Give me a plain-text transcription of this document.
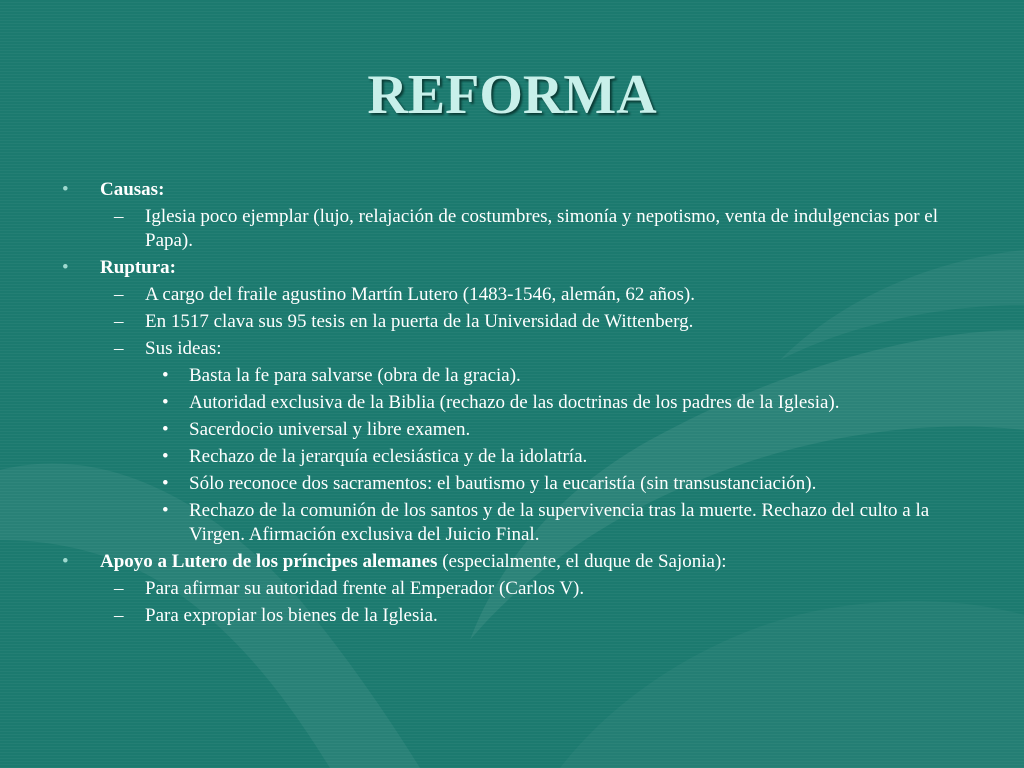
REFORMA
• Causas:
– Iglesia poco ejemplar (lujo, relajación de costumbres, simonía y nepotismo, venta de indulgencias por el Papa).
• Ruptura:
– A cargo del fraile agustino Martín Lutero (1483-1546, alemán, 62 años).
– En 1517 clava sus 95 tesis en la puerta de la Universidad de Wittenberg.
– Sus ideas:
• Basta la fe para salvarse (obra de la gracia).
• Autoridad exclusiva de la Biblia (rechazo de las doctrinas de los padres de la Iglesia).
• Sacerdocio universal y libre examen.
• Rechazo de la jerarquía eclesiástica y de la idolatría.
• Sólo reconoce dos sacramentos: el bautismo y la eucaristía (sin transustanciación).
• Rechazo de la comunión de los santos y de la supervivencia tras la muerte. Rechazo del culto a la Virgen. Afirmación exclusiva del Juicio Final.
• Apoyo a Lutero de los príncipes alemanes (especialmente, el duque de Sajonia):
– Para afirmar su autoridad frente al Emperador (Carlos V).
– Para expropiar los bienes de la Iglesia.
